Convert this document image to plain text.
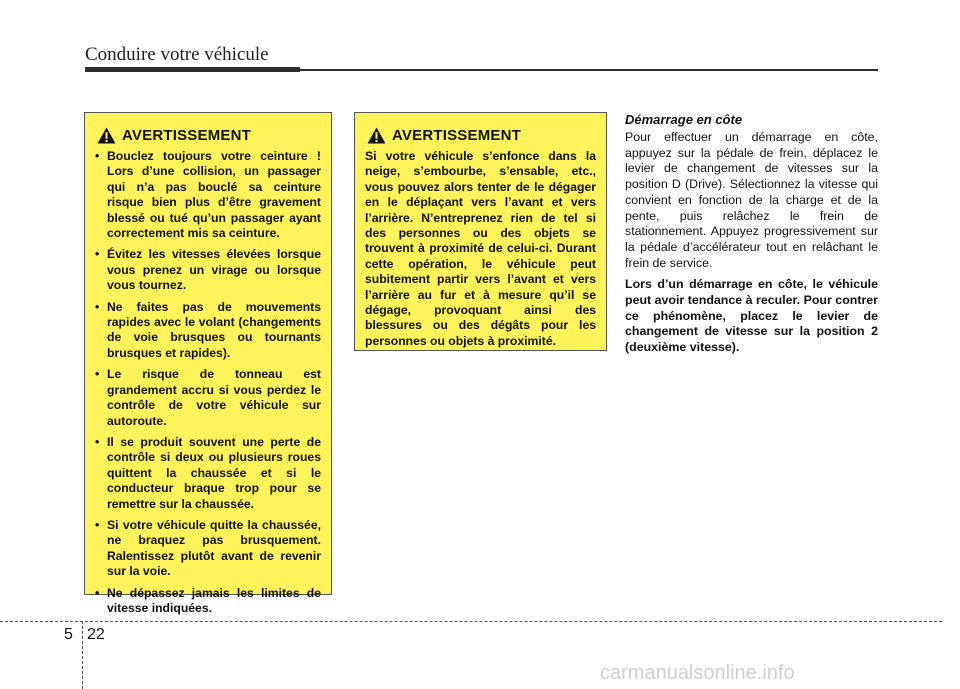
Conduire votre véhicule
AVERTISSEMENT
• Bouclez toujours votre ceinture ! Lors d’une collision, un passager qui n’a pas bouclé sa ceinture risque bien plus d’être gravement blessé ou tué qu’un passager ayant correctement mis sa ceinture.
• Évitez les vitesses élevées lorsque vous prenez un virage ou lorsque vous tournez.
• Ne faites pas de mouvements rapides avec le volant (changements de voie brusques ou tournants brusques et rapides).
• Le risque de tonneau est grandement accru si vous perdez le contrôle de votre véhicule sur autoroute.
• Il se produit souvent une perte de contrôle si deux ou plusieurs roues quittent la chaussée et si le conducteur braque trop pour se remettre sur la chaussée.
• Si votre véhicule quitte la chaussée, ne braquez pas brusquement. Ralentissez plutôt avant de revenir sur la voie.
• Ne dépassez jamais les limites de vitesse indiquées.
AVERTISSEMENT

Si votre véhicule s’enfonce dans la neige, s’embourbe, s’ensable, etc., vous pouvez alors tenter de le dégager en le déplaçant vers l’avant et vers l’arrière. N’entreprenez rien de tel si des personnes ou des objets se trouvent à proximité de celui-ci. Durant cette opération, le véhicule peut subitement partir vers l’avant et vers l’arrière au fur et à mesure qu’il se dégage, provoquant ainsi des blessures ou des dégâts pour les personnes ou objets à proximité.

Démarrage en côte

Pour effectuer un démarrage en côte, appuyez sur la pédale de frein, déplacez le levier de changement de vitesses sur la position D (Drive). Sélectionnez la vitesse qui convient en fonction de la charge et de la pente, puis relâchez le frein de stationnement. Appuyez progressivement sur la pédale d’accélérateur tout en relâchant le frein de service.

Lors d’un démarrage en côte, le véhicule peut avoir tendance à reculer. Pour contrer ce phénomène, placez le levier de changement de vitesse sur la position 2 (deuxième vitesse).

5 22
carmanualsonline.info
